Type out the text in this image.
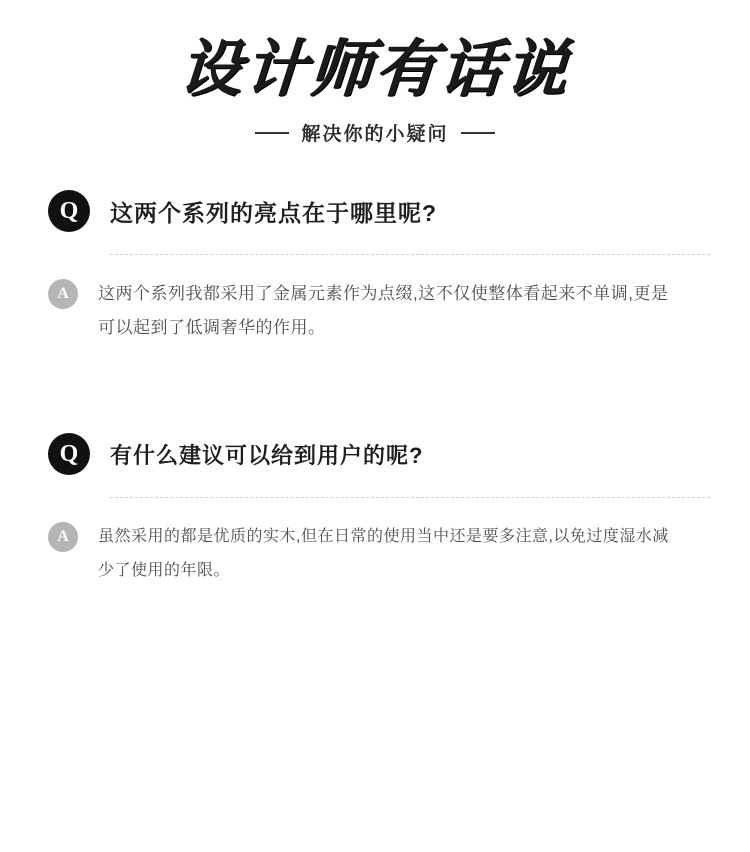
设计师有话说
解决你的小疑问
Q	这两个系列的亮点在于哪里呢?
A	这两个系列我都采用了金属元素作为点缀,这不仅使整体看起来不单调,更是可以起到了低调奢华的作用。
Q	有什么建议可以给到用户的呢?
A	虽然采用的都是优质的实木,但在日常的使用当中还是要多注意,以免过度湿水减少了使用的年限。
